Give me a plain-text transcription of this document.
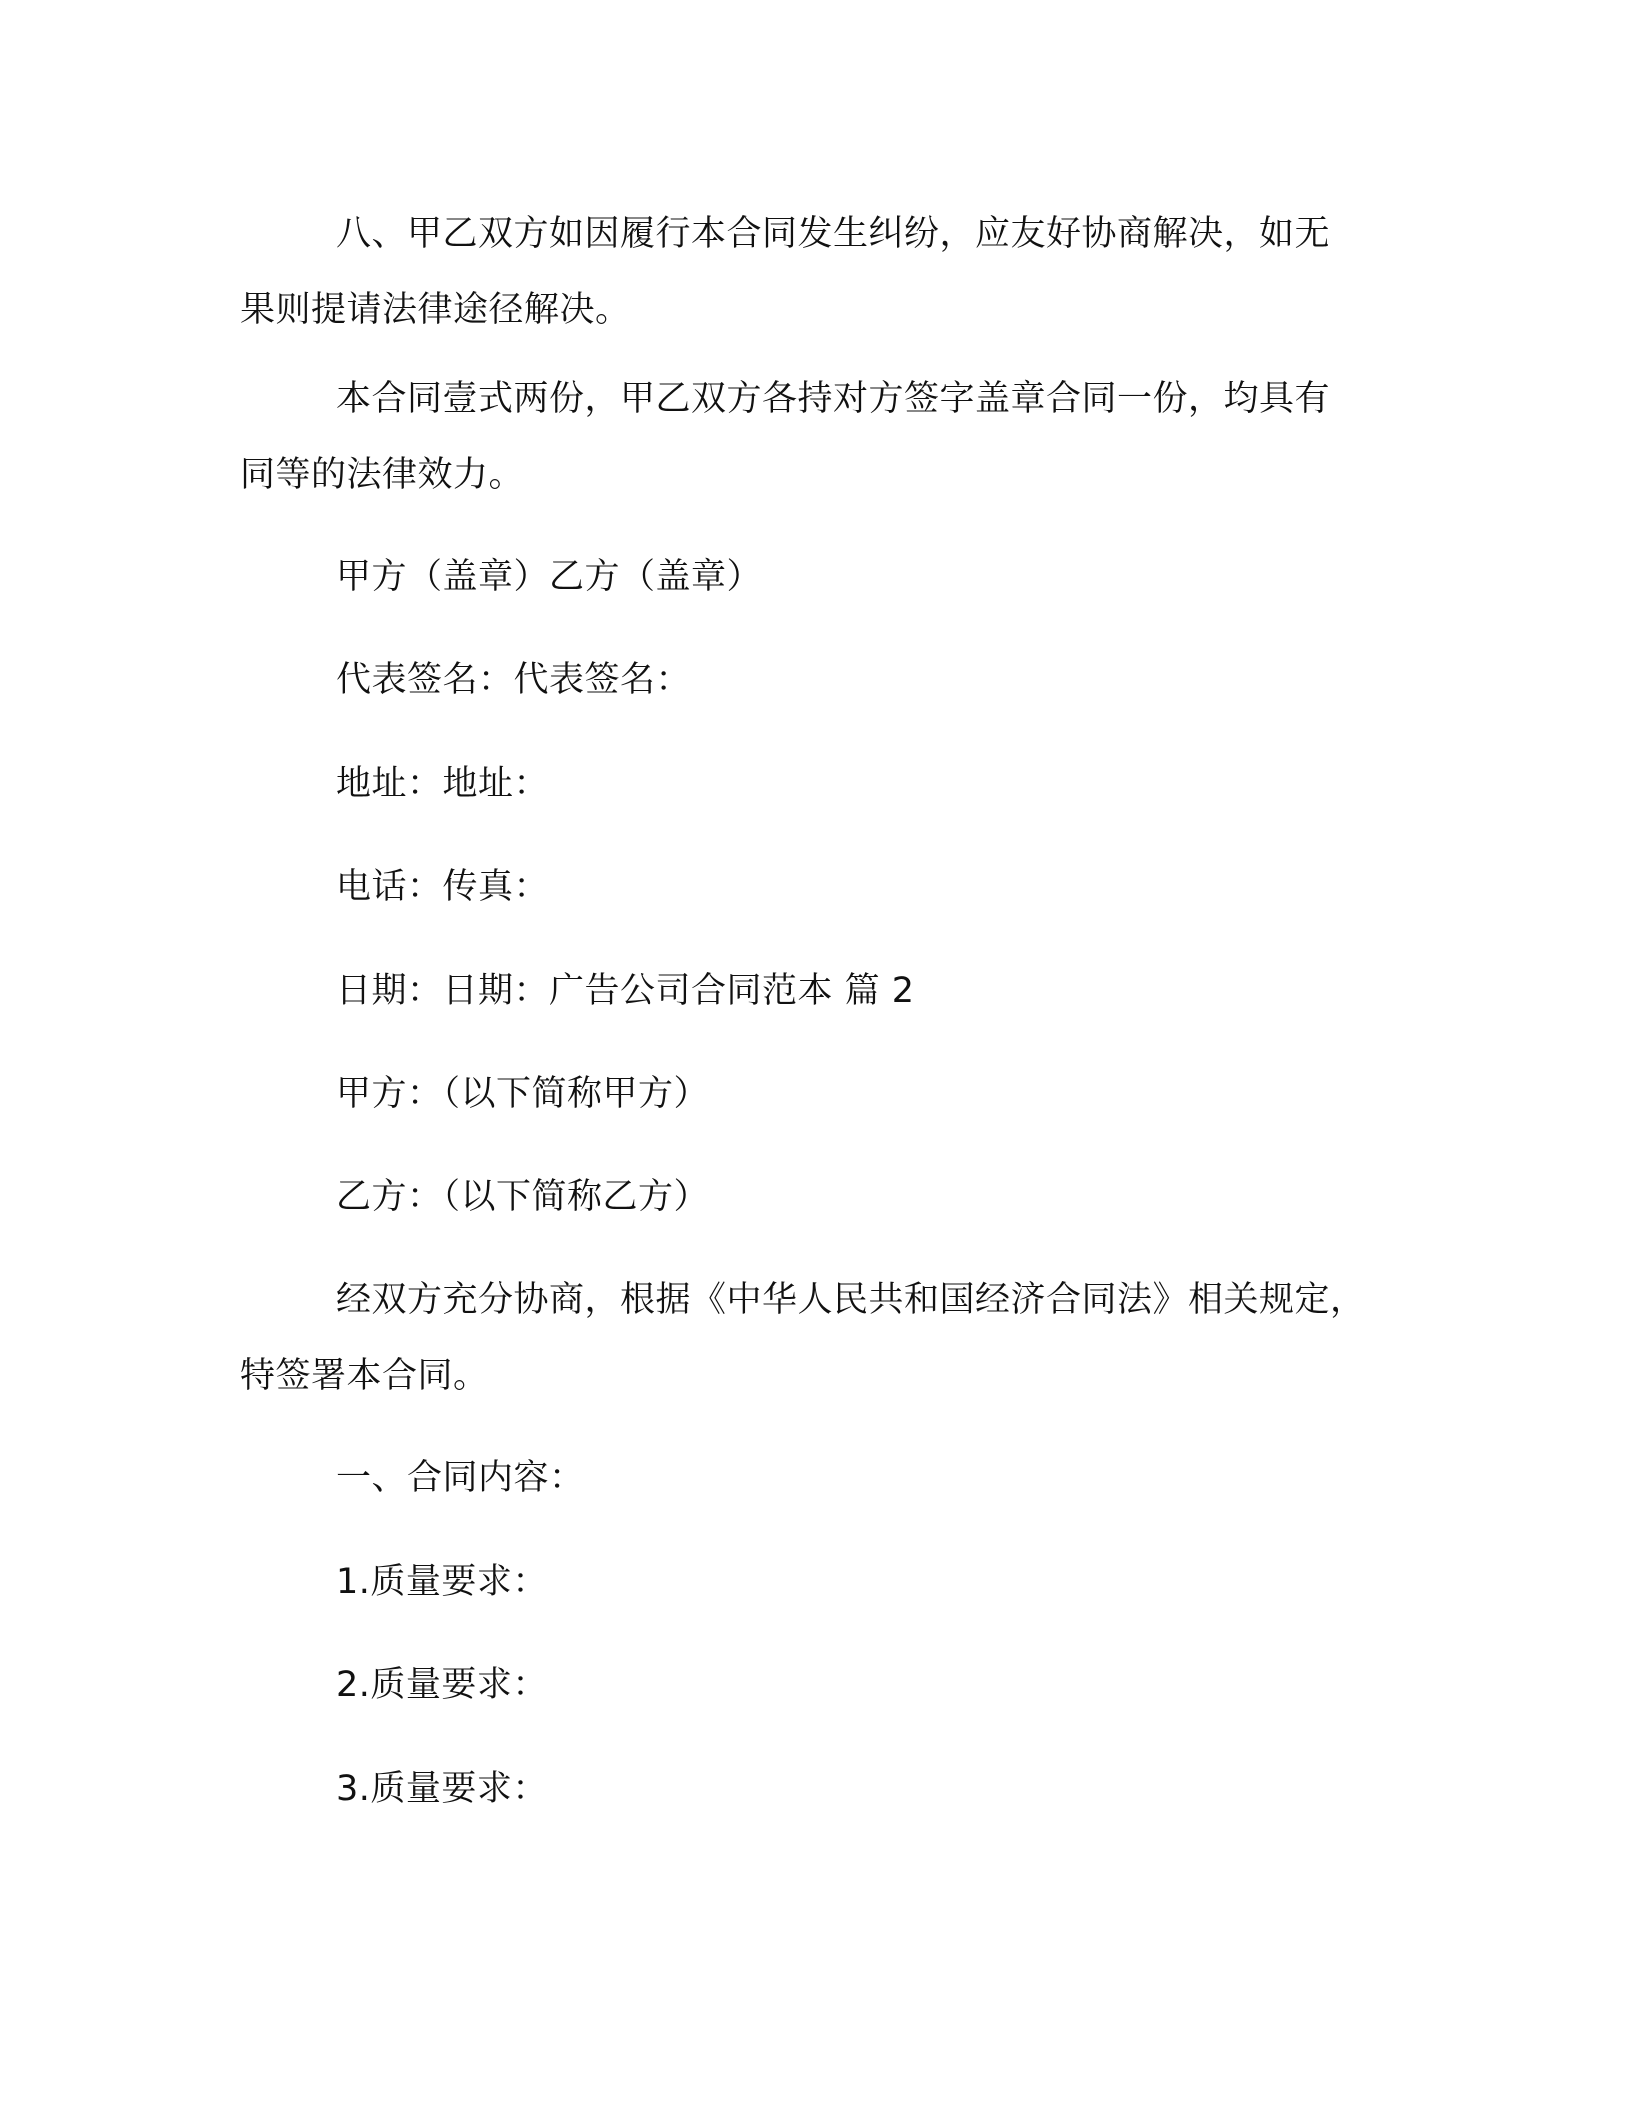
八、甲乙双方如因履行本合同发生纠纷，应友好协商解决，如无
果则提请法律途径解决。
本合同壹式两份，甲乙双方各持对方签字盖章合同一份，均具有
同等的法律效力。

甲方（盖章）乙方（盖章）

代表签名：代表签名：

地址：地址：

电话：传真：

日期：日期：广告公司合同范本 篇 2

甲方：（以下简称甲方）

乙方：（以下简称乙方）

经双方充分协商，根据《中华人民共和国经济合同法》相关规定，
特签署本合同。

一、合同内容：

1.质量要求：

2.质量要求：

3.质量要求：
